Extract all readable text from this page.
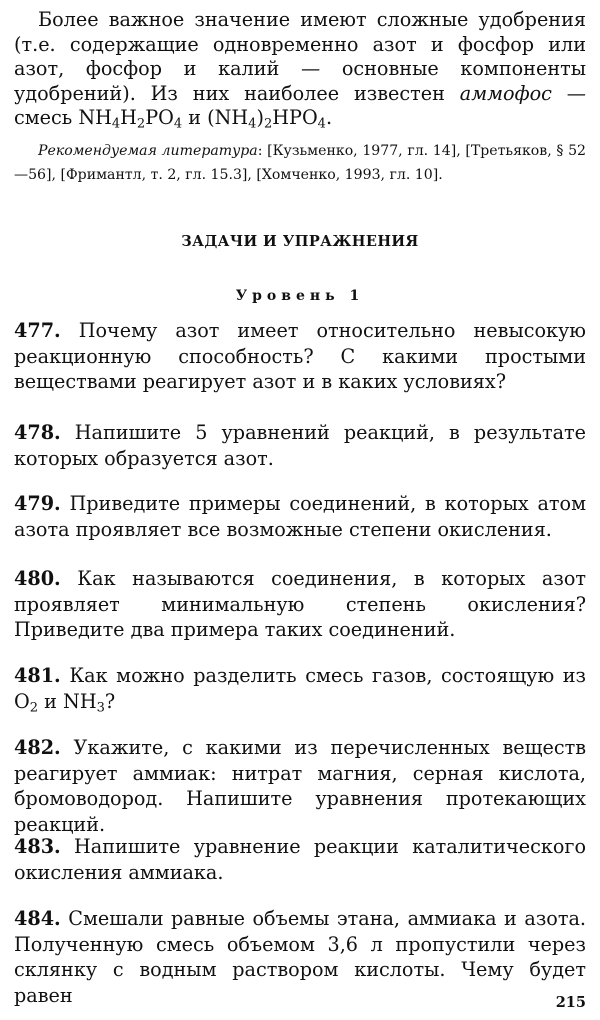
Более важное значение имеют сложные удобрения (т.е. содержащие одновременно азот и фосфор или азот, фосфор и калий — основные компоненты удобрений). Из них наиболее известен аммофос — смесь $NH_4H_2PO_4$ и $(NH_4)_2HPO_4$.

Рекомендуемая литература: [Кузьменко, 1977, гл. 14], [Третьяков, § 52—56], [Фримантл, т. 2, гл. 15.3], [Хомченко, 1993, гл. 10].

ЗАДАЧИ И УПРАЖНЕНИЯ
Уровень 1

477. Почему азот имеет относительно невысокую реакционную способность? С какими простыми веществами реагирует азот и в каких условиях?

478. Напишите 5 уравнений реакций, в результате которых образуется азот.

479. Приведите примеры соединений, в которых атом азота проявляет все возможные степени окисления.

480. Как называются соединения, в которых азот проявляет минимальную степень окисления? Приведите два примера таких соединений.

481. Как можно разделить смесь газов, состоящую из $O_2$ и $NH_3$?

482. Укажите, с какими из перечисленных веществ реагирует аммиак: нитрат магния, серная кислота, бромоводород. Напишите уравнения протекающих реакций.

483. Напишите уравнение реакции каталитического окисления аммиака.

484. Смешали равные объемы этана, аммиака и азота. Полученную смесь объемом 3,6 л пропустили через склянку с водным раствором кислоты. Чему будет равен	215
